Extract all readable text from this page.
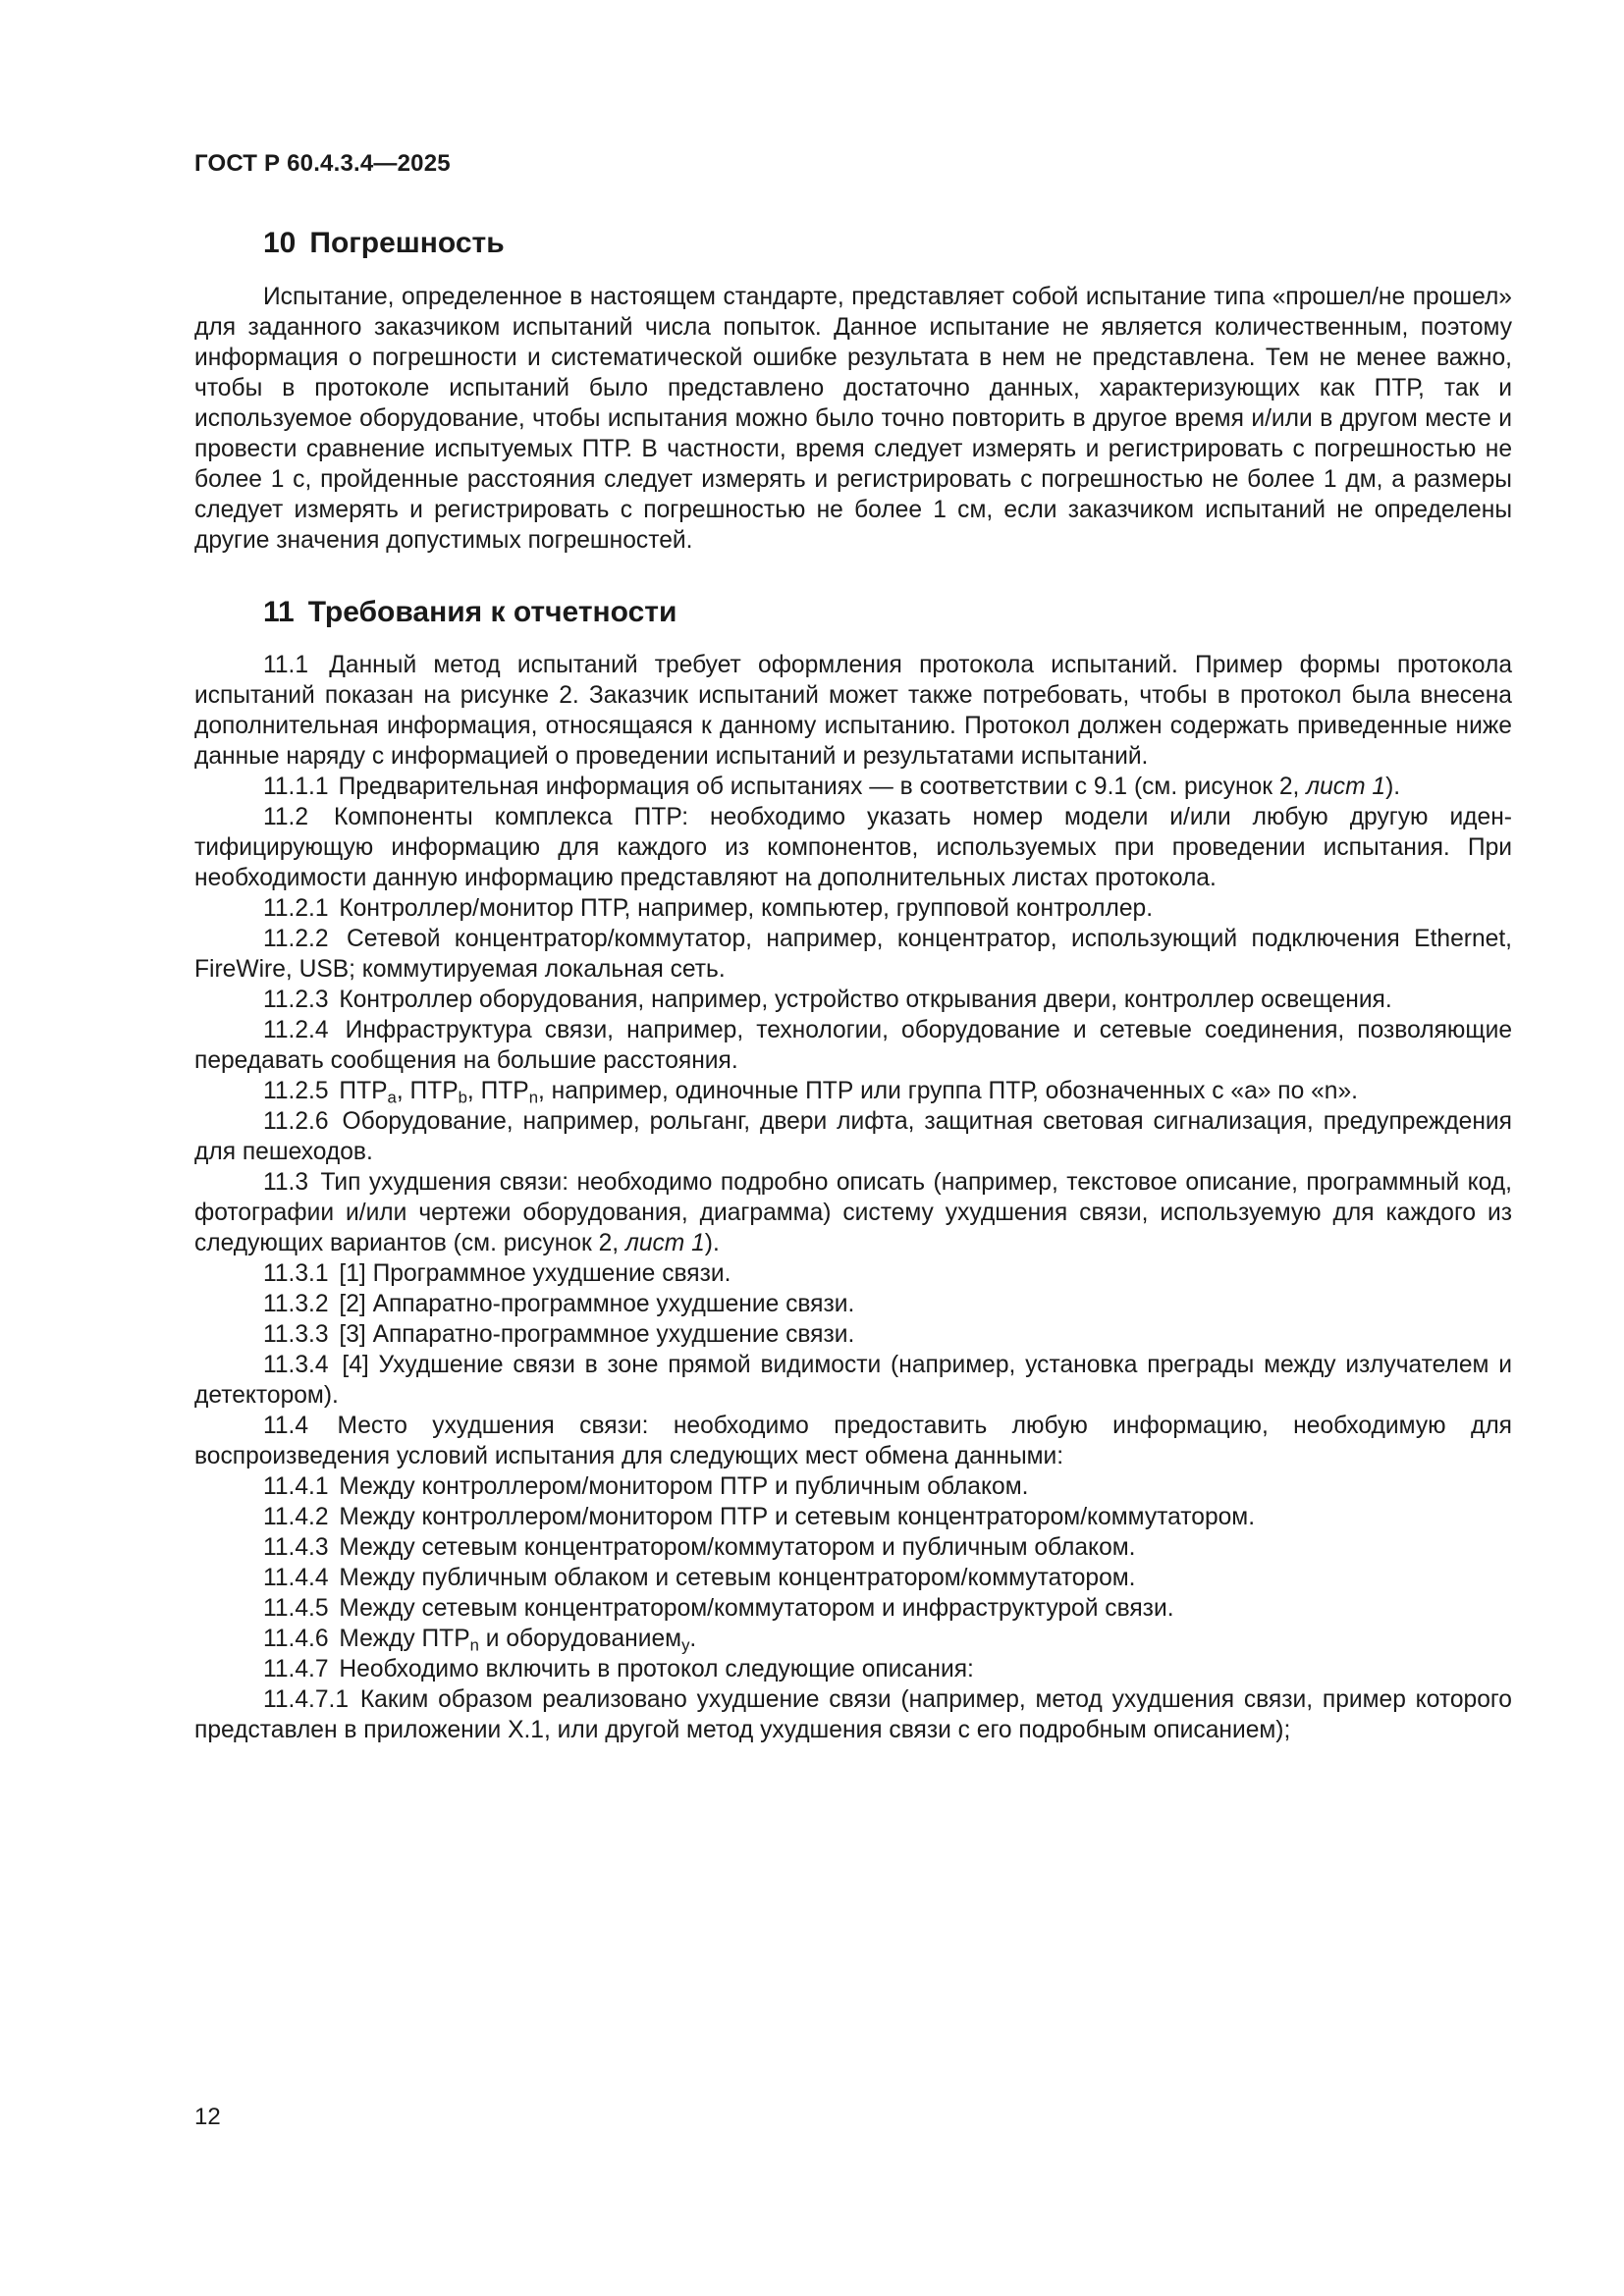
ГОСТ Р 60.4.3.4—2025
10 Погрешность

Испытание, определенное в настоящем стандарте, представляет собой испытание типа «прошел/не прошел» для заданного заказчиком испытаний числа попыток. Данное испытание не является количественным, поэтому информация о погрешности и систематической ошибке результата в нем не представлена. Тем не менее важно, чтобы в протоколе испытаний было представлено достаточно данных, характеризующих как ПТР, так и используемое оборудование, чтобы испытания можно было точно повторить в другое время и/или в другом месте и провести сравнение испытуемых ПТР. В частности, время следует измерять и регистрировать с погрешностью не более 1 с, пройденные расстояния следует измерять и регистрировать с погрешностью не более 1 дм, а размеры следует измерять и регистрировать с погрешностью не более 1 см, если заказчиком испытаний не определены другие значения допустимых погрешностей.

11 Требования к отчетности

11.1 Данный метод испытаний требует оформления протокола испытаний. Пример формы протокола испытаний показан на рисунке 2. Заказчик испытаний может также потребовать, чтобы в протокол была внесена дополнительная информация, относящаяся к данному испытанию. Протокол должен содержать приведенные ниже данные наряду с информацией о проведении испытаний и результатами испытаний.

11.1.1 Предварительная информация об испытаниях — в соответствии с 9.1 (см. рисунок 2, лист 1).

11.2 Компоненты комплекса ПТР: необходимо указать номер модели и/или любую другую идентифицирующую информацию для каждого из компонентов, используемых при проведении испытания. При необходимости данную информацию представляют на дополнительных листах протокола.

11.2.1 Контроллер/монитор ПТР, например, компьютер, групповой контроллер.

11.2.2 Сетевой концентратор/коммутатор, например, концентратор, использующий подключения Ethernet, FireWire, USB; коммутируемая локальная сеть.

11.2.3 Контроллер оборудования, например, устройство открывания двери, контроллер освещения.

11.2.4 Инфраструктура связи, например, технологии, оборудование и сетевые соединения, позволяющие передавать сообщения на большие расстояния.

11.2.5 $ПТР_a$, $ПТР_b$, $ПТР_n$, например, одиночные ПТР или группа ПТР, обозначенных с «а» по «n».

11.2.6 Оборудование, например, рольганг, двери лифта, защитная световая сигнализация, предупреждения для пешеходов.

11.3 Тип ухудшения связи: необходимо подробно описать (например, текстовое описание, программный код, фотографии и/или чертежи оборудования, диаграмма) систему ухудшения связи, используемую для каждого из следующих вариантов (см. рисунок 2, лист 1).

11.3.1 [1] Программное ухудшение связи.

11.3.2 [2] Аппаратно-программное ухудшение связи.

11.3.3 [3] Аппаратно-программное ухудшение связи.

11.3.4 [4] Ухудшение связи в зоне прямой видимости (например, установка преграды между излучателем и детектором).

11.4 Место ухудшения связи: необходимо предоставить любую информацию, необходимую для воспроизведения условий испытания для следующих мест обмена данными:

11.4.1 Между контроллером/монитором ПТР и публичным облаком.

11.4.2 Между контроллером/монитором ПТР и сетевым концентратором/коммутатором.

11.4.3 Между сетевым концентратором/коммутатором и публичным облаком.

11.4.4 Между публичным облаком и сетевым концентратором/коммутатором.

11.4.5 Между сетевым концентратором/коммутатором и инфраструктурой связи.

11.4.6 Между $ПТР_n$ и оборудованием$_y$.

11.4.7 Необходимо включить в протокол следующие описания:

11.4.7.1 Каким образом реализовано ухудшение связи (например, метод ухудшения связи, пример которого представлен в приложении Х.1, или другой метод ухудшения связи с его подробным описанием);

12
